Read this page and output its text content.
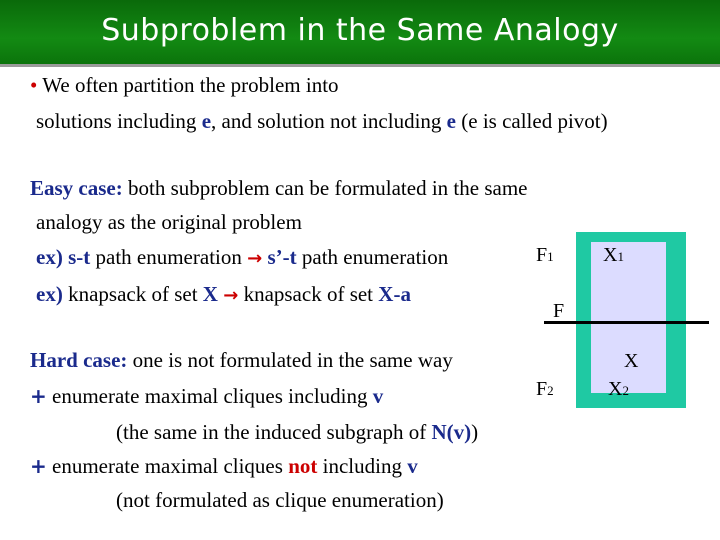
Subproblem in the Same Analogy
• We often partition the problem into
solutions including e, and solution not including e (e is called pivot)
Easy case: both subproblem can be formulated in the same
analogy as the original problem
ex) s-t path enumeration → s’-t path enumeration
ex) knapsack of set X → knapsack of set X-a
Hard case: one is not formulated in the same way
+ enumerate maximal cliques including v
(the same in the induced subgraph of N(v))
+ enumerate maximal cliques not including v
(not formulated as clique enumeration)
F1 X1
F
X
F2	X2
